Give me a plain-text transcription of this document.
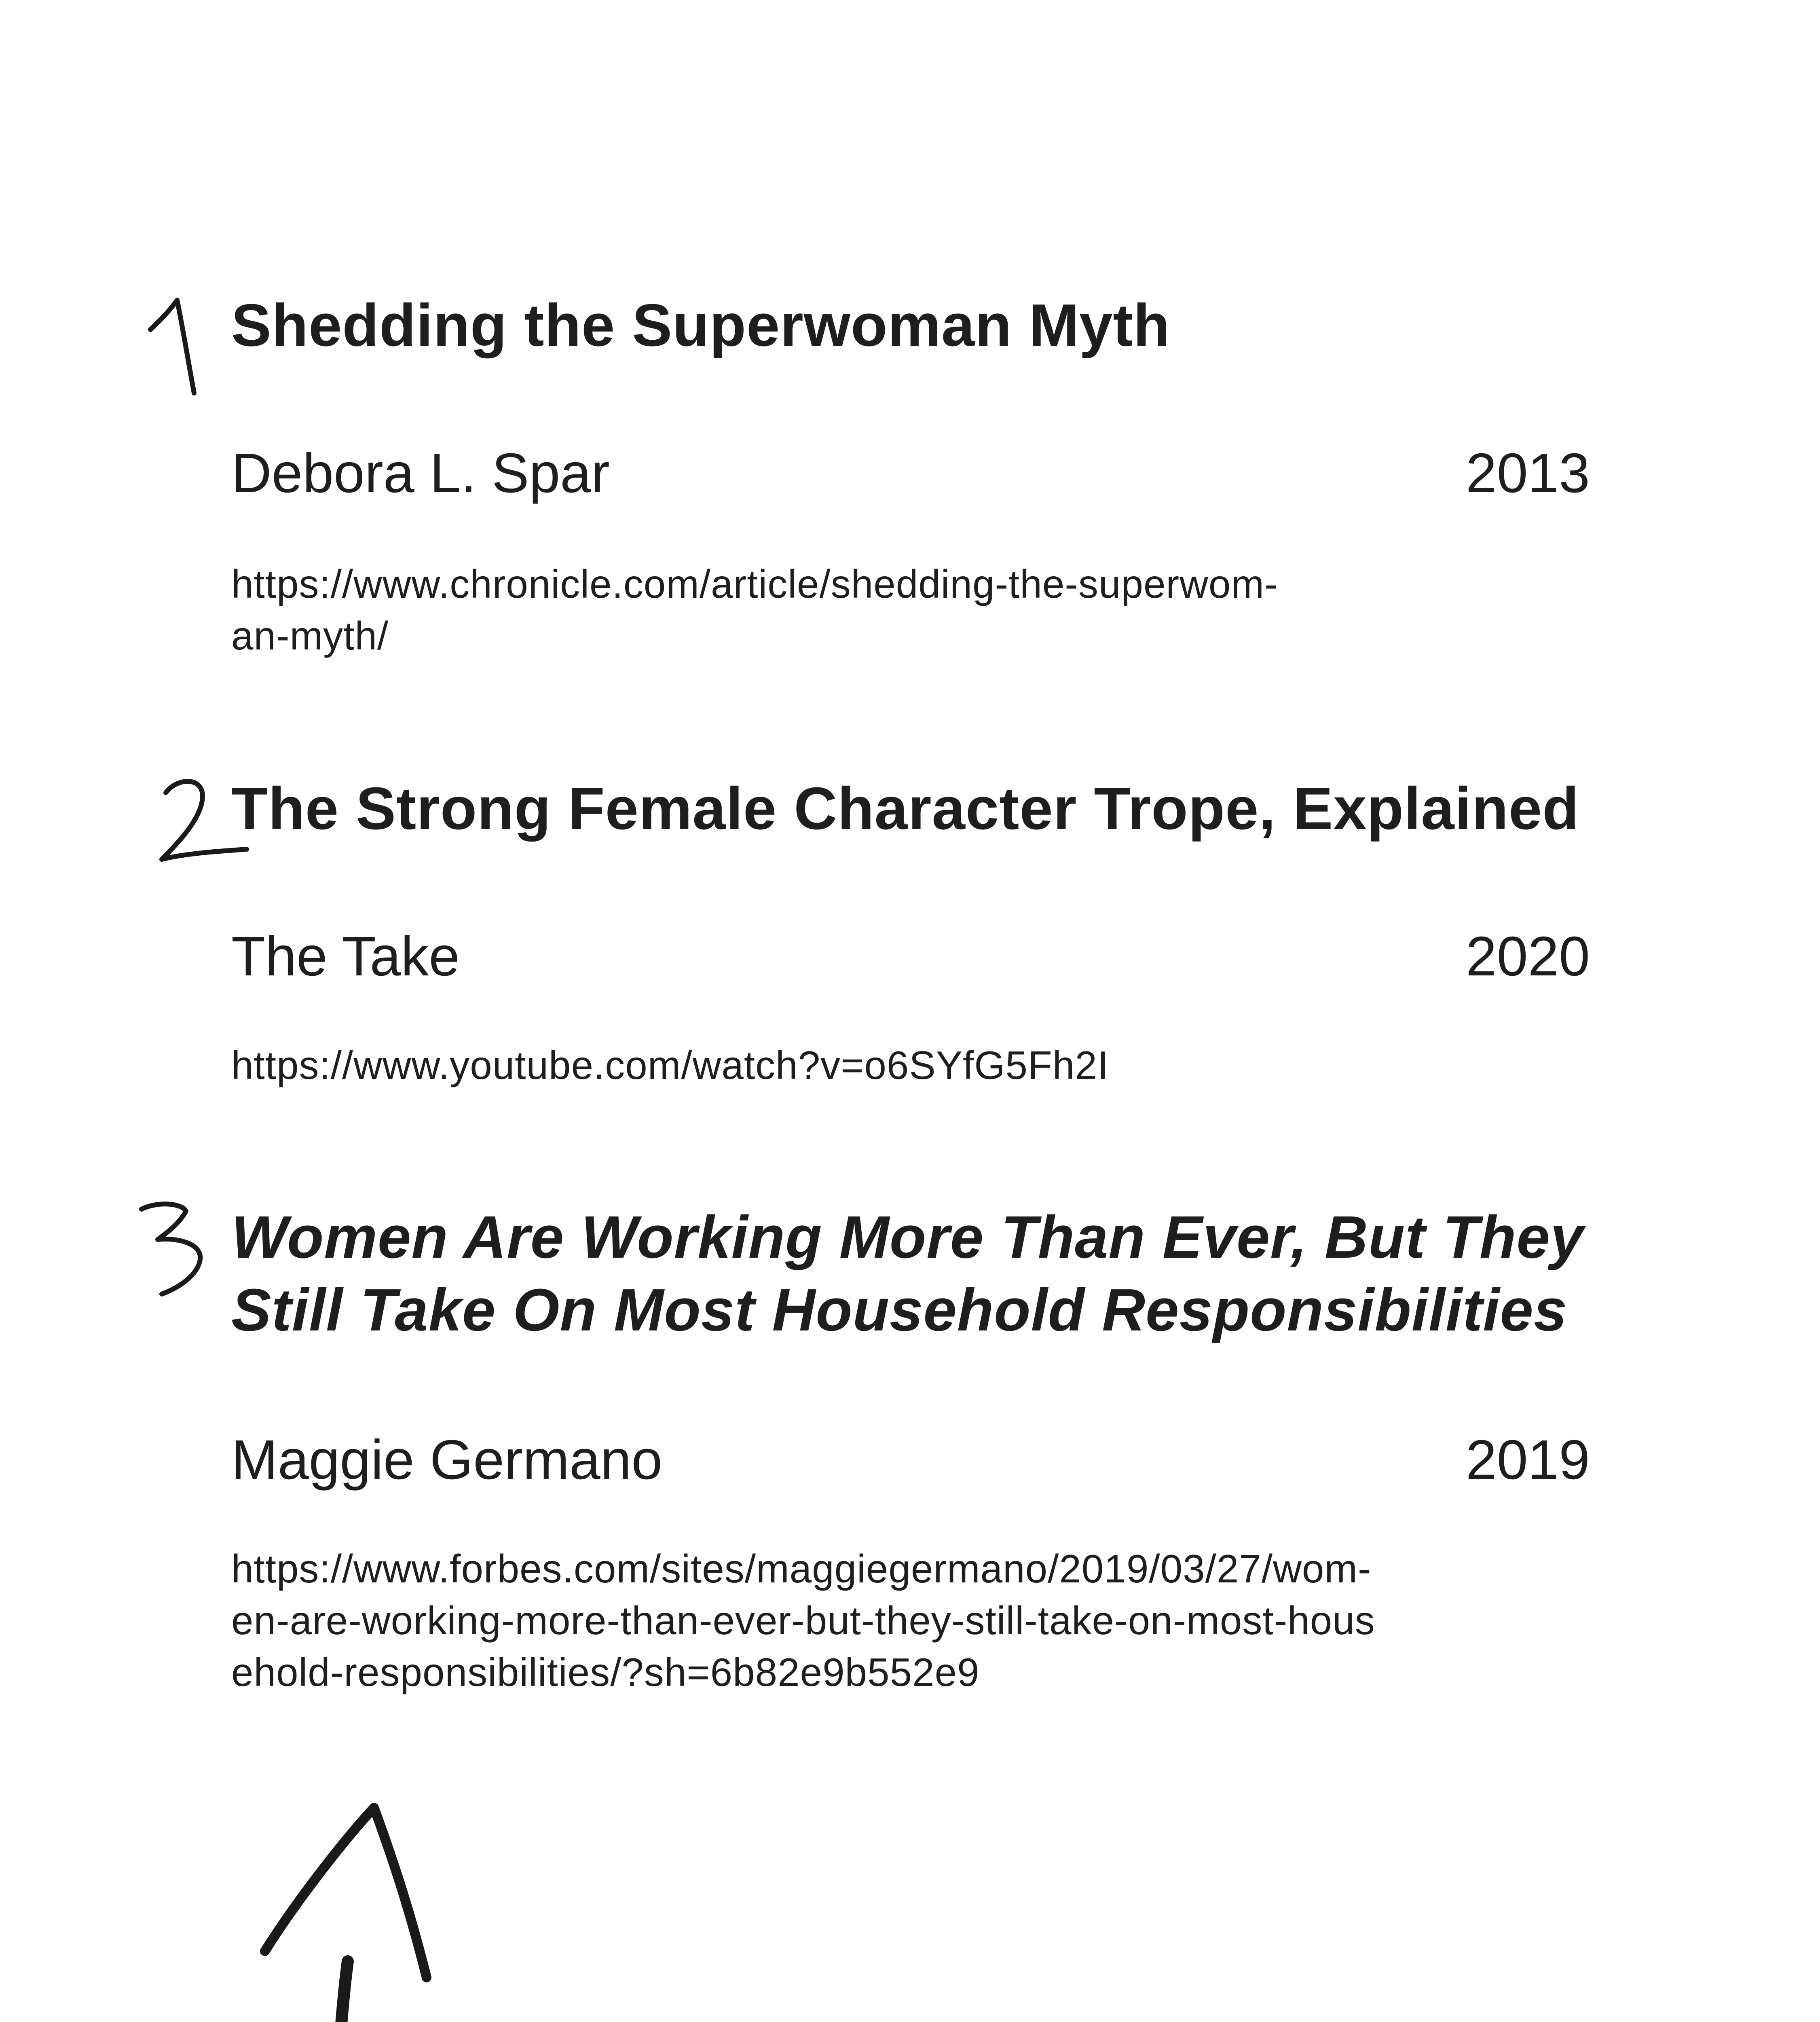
Shedding the Superwoman Myth
Debora L. Spar	2013

https://www.chronicle.com/article/shedding-the-superwom-
an-myth/

The Strong Female Character Trope, Explained
The Take	2020

https://www.youtube.com/watch?v=o6SYfG5Fh2I

Women Are Working More Than Ever, But They
Still Take On Most Household Responsibilities
Maggie Germano	2019

https://www.forbes.com/sites/maggiegermano/2019/03/27/wom-
en-are-working-more-than-ever-but-they-still-take-on-most-hous
ehold-responsibilities/?sh=6b82e9b552e9
